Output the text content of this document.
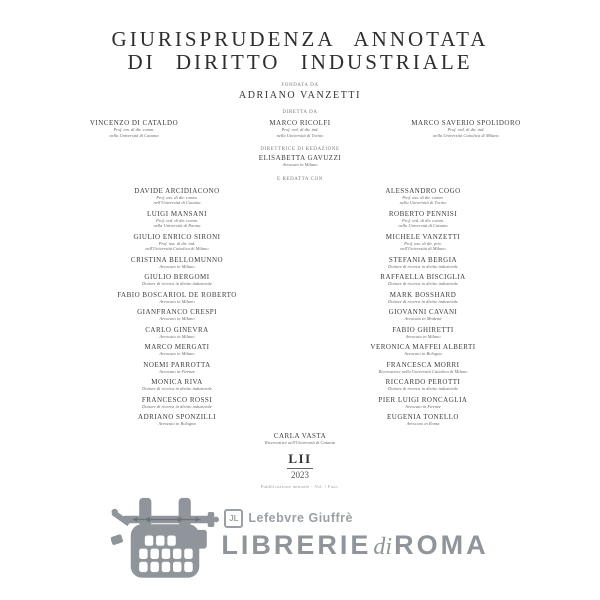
GIURISPRUDENZA ANNOTATA
DI DIRITTO INDUSTRIALE
FONDATA DA
ADRIANO VANZETTI
DIRETTA DA
VINCENZO DI CATALDO
Prof. em. di dir. comm.
nella Università di Catania
MARCO RICOLFI
Prof. ord. di dir. ind.
nella Università di Torino
MARCO SAVERIO SPOLIDORO
Prof. ord. di dir. ind.
nella Università Cattolica di Milano
DIRETTRICE DI REDAZIONE
ELISABETTA GAVUZZI
Avvocato in Milano
E REDATTA CON
DAVIDE ARCIDIACONO
Prof. ass. di dir. comm.
nell'Università di Catania
LUIGI MANSANI
Prof. ord. di dir. comm.
nella Università di Parma
GIULIO ENRICO SIRONI
Prof. ass. di dir. ind.
nell'Università Cattolica di Milano
CRISTINA BELLOMUNNO
Avvocato in Milano
GIULIO BERGOMI
Dottore di ricerca in diritto industriale
FABIO BOSCARIOL DE ROBERTO
Avvocato in Milano
GIANFRANCO CRESPI
Avvocato in Milano
CARLO GINEVRA
Avvocato in Milano
MARCO MERGATI
Avvocato in Milano
NOEMI PARROTTA
Avvocato in Firenze
MONICA RIVA
Dottore di ricerca in diritto industriale
FRANCESCO ROSSI
Dottore di ricerca in diritto industriale
ADRIANO SPONZILLI
Avvocato in Bologna
ALESSANDRO COGO
Prof. ass. di dir. comm.
nella Università di Torino
ROBERTO PENNISI
Prof. ord. di dir. comm.
nella Università di Catania
MICHELE VANZETTI
Prof. ass. di dir. priv.
nell'Università di Milano
STEFANIA BERGIA
Dottore di ricerca in diritto industriale
RAFFAELLA BISCIGLIA
Dottore di ricerca in diritto industriale
MARK BOSSHARD
Dottore di ricerca in diritto industriale
GIOVANNI CAVANI
Avvocato in Modena
FABIO GHIRETTI
Avvocato in Milano
VERONICA MAFFEI ALBERTI
Avvocato in Bologna
FRANCESCA MORRI
Ricercatrice nella Università Cattolica di Milano
RICCARDO PEROTTI
Dottore di ricerca in diritto industriale
PIER LUIGI RONCAGLIA
Avvocato in Firenze
EUGENIA TONELLO
Avvocato in Roma
CARLA VASTA
Ricercatrice nell'Università di Catania
LII
2023
Pubblicazione annuale - Vol. / Fasc.
JL Lefebvre Giuffrè
LIBRERIEdiROMA
